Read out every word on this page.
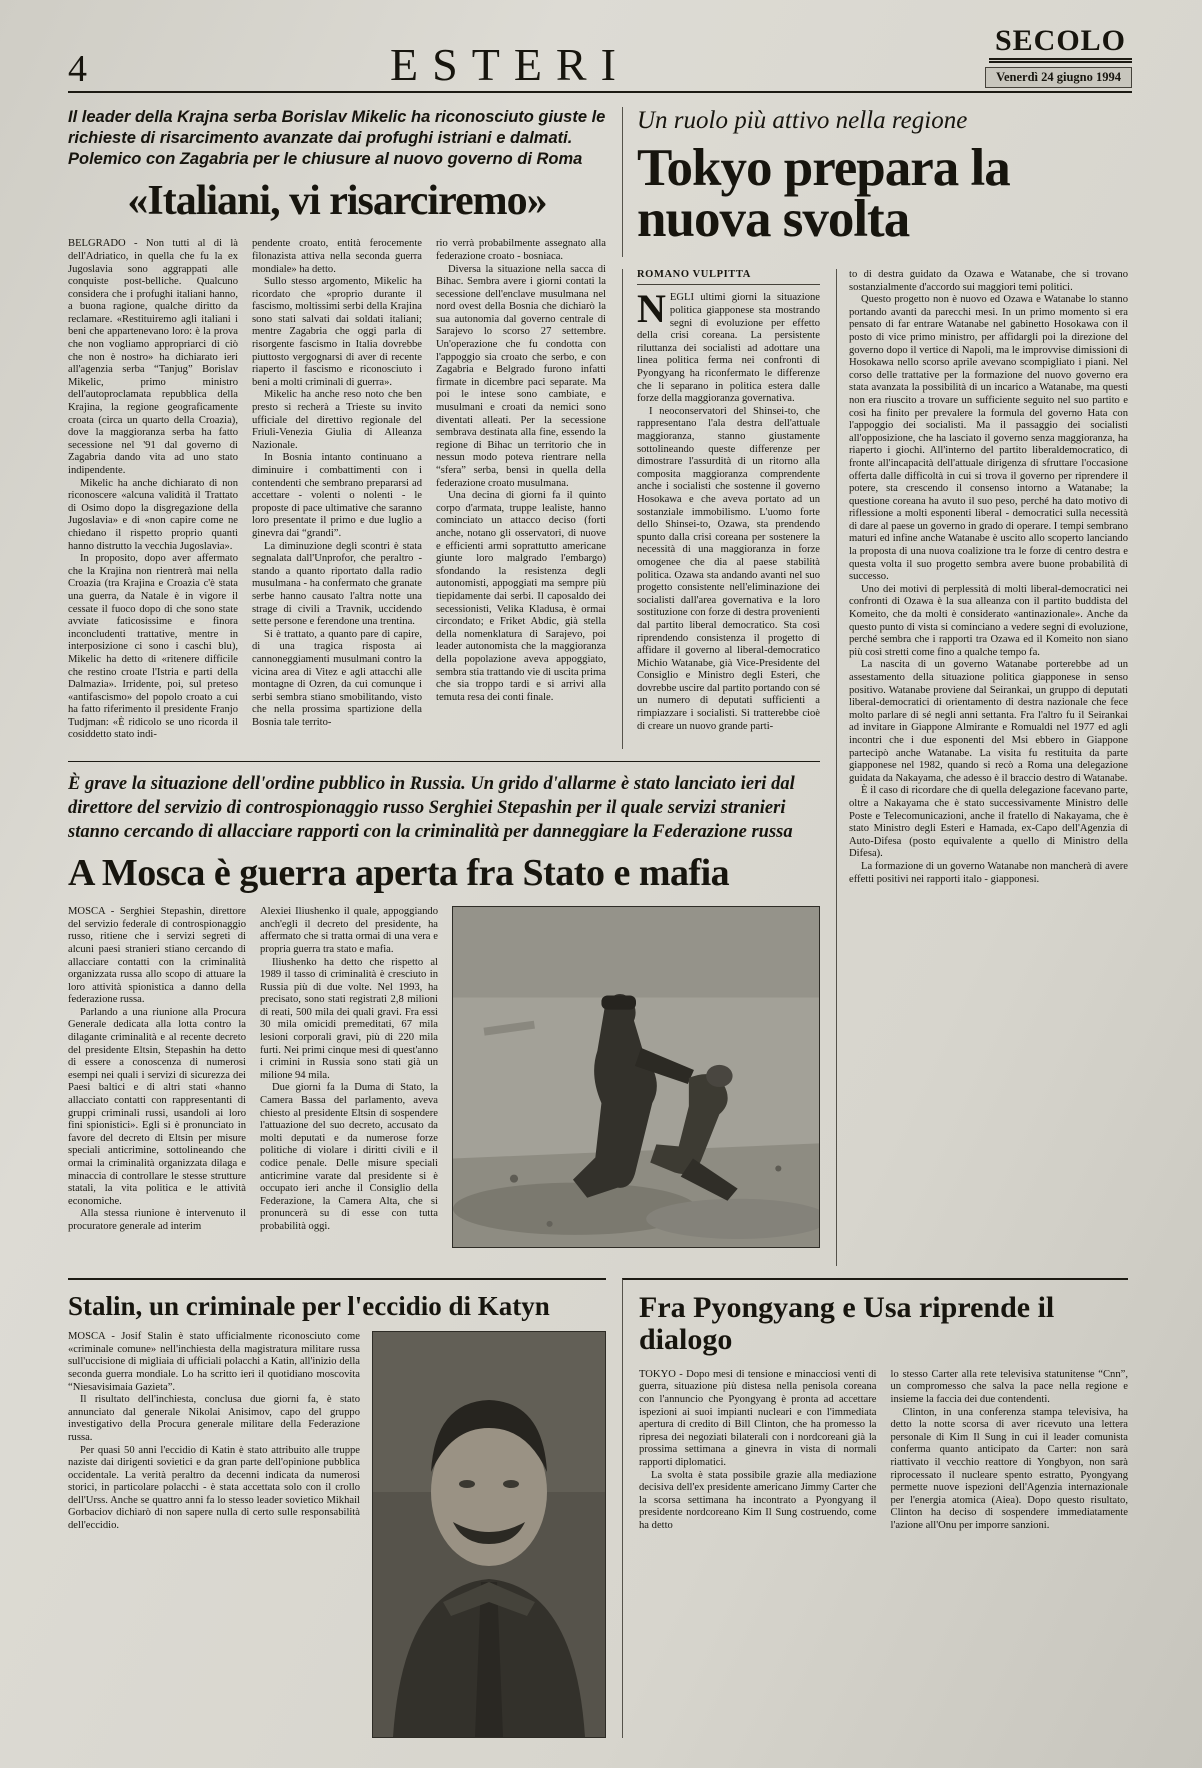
4	ESTERI	SECOLO
Venerdì 24 giugno 1994

Il leader della Krajna serba Borislav Mikelic ha riconosciuto giuste le richieste di risarcimento avanzate dai profughi istriani e dalmati. Polemico con Zagabria per le chiusure al nuovo governo di Roma

«Italiani, vi risarciremo»

BELGRADO - Non tutti al di là dell'Adriatico, in quella che fu la ex Jugoslavia sono aggrappati alle conquiste post-belliche. Qualcuno considera che i profughi italiani hanno, a buona ragione, qualche diritto da reclamare. «Restituiremo agli italiani i beni che appartenevano loro: è la prova che non vogliamo appropriarci di ciò che non è nostro» ha dichiarato ieri all'agenzia serba “Tanjug” Borislav Mikelic, primo ministro dell'autoproclamata repubblica della Krajina, la regione geograficamente croata (circa un quarto della Croazia), dove la maggioranza serba ha fatto secessione nel '91 dal governo di Zagabria dando vita ad uno stato indipendente.

Mikelic ha anche dichiarato di non riconoscere «alcuna validità il Trattato di Osimo dopo la disgregazione della Jugoslavia» e di «non capire come ne chiedano il rispetto proprio quanti hanno distrutto la vecchia Jugoslavia».

In proposito, dopo aver affermato che la Krajina non rientrerà mai nella Croazia (tra Krajina e Croazia c'è stata una guerra, da Natale è in vigore il cessate il fuoco dopo di che sono state avviate faticosissime e finora inconcludenti trattative, mentre in interposizione ci sono i caschi blu), Mikelic ha detto di «ritenere difficile che restino croate l'Istria e parti della Dalmazia». Irridente, poi, sul preteso «antifascismo» del popolo croato a cui ha fatto riferimento il presidente Franjo Tudjman: «È ridicolo se uno ricorda il cosiddetto stato indi-

pendente croato, entità ferocemente filonazista attiva nella seconda guerra mondiale» ha detto.

Sullo stesso argomento, Mikelic ha ricordato che «proprio durante il fascismo, moltissimi serbi della Krajina sono stati salvati dai soldati italiani; mentre Zagabria che oggi parla di risorgente fascismo in Italia dovrebbe piuttosto vergognarsi di aver di recente riaperto il fascismo e riconosciuto i beni a molti criminali di guerra».

Mikelic ha anche reso noto che ben presto si recherà a Trieste su invito ufficiale del direttivo regionale del Friuli-Venezia Giulia di Alleanza Nazionale.

In Bosnia intanto continuano a diminuire i combattimenti con i contendenti che sembrano prepararsi ad accettare - volenti o nolenti - le proposte di pace ultimative che saranno loro presentate il primo e due luglio a ginevra dai “grandi”.

La diminuzione degli scontri è stata segnalata dall'Unprofor, che peraltro - stando a quanto riportato dalla radio musulmana - ha confermato che granate serbe hanno causato l'altra notte una strage di civili a Travnik, uccidendo sette persone e ferendone una trentina.

Si è trattato, a quanto pare di capire, di una tragica risposta ai cannoneggiamenti musulmani contro la vicina area di Vitez e agli attacchi alle montagne di Ozren, da cui comunque i serbi sembra stiano smobilitando, visto che nella prossima spartizione della Bosnia tale territo-

rio verrà probabilmente assegnato alla federazione croato - bosniaca.

Diversa la situazione nella sacca di Bihac. Sembra avere i giorni contati la secessione dell'enclave musulmana nel nord ovest della Bosnia che dichiarò la sua autonomia dal governo centrale di Sarajevo lo scorso 27 settembre. Un'operazione che fu condotta con l'appoggio sia croato che serbo, e con Zagabria e Belgrado furono infatti firmate in dicembre paci separate. Ma poi le intese sono cambiate, e musulmani e croati da nemici sono diventati alleati. Per la secessione sembrava destinata alla fine, essendo la regione di Bihac un territorio che in nessun modo poteva rientrare nella “sfera” serba, bensì in quella della federazione croato musulmana.

Una decina di giorni fa il quinto corpo d'armata, truppe lealiste, hanno cominciato un attacco deciso (forti anche, notano gli osservatori, di nuove e efficienti armi soprattutto americane giunte loro malgrado l'embargo) sfondando la resistenza degli autonomisti, appoggiati ma sempre più tiepidamente dai serbi. Il caposaldo dei secessionisti, Velika Kladusa, è ormai circondato; e Friket Abdic, già stella della nomenklatura di Sarajevo, poi leader autonomista che la maggioranza della popolazione aveva appoggiato, sembra stia trattando vie di uscita prima che sia troppo tardi e si arrivi alla temuta resa dei conti finale.

Un ruolo più attivo nella regione

Tokyo prepara la nuova svolta
ROMANO VULPITTA

NEGLI ultimi giorni la situazione politica giapponese sta mostrando segni di evoluzione per effetto della crisi coreana. La persistente riluttanza dei socialisti ad adottare una linea politica ferma nei confronti di Pyongyang ha riconfermato le differenze che li separano in politica estera dalle forze della maggioranza governativa.

I neoconservatori del Shinsei-to, che rappresentano l'ala destra dell'attuale maggioranza, stanno giustamente sottolineando queste differenze per dimostrare l'assurdità di un ritorno alla composita maggioranza comprendente anche i socialisti che sostenne il governo Hosokawa e che aveva portato ad un sostanziale immobilismo. L'uomo forte dello Shinsei-to, Ozawa, sta prendendo spunto dalla crisi coreana per sostenere la necessità di una maggioranza in forze omogenee che dia al paese stabilità politica. Ozawa sta andando avanti nel suo progetto consistente nell'eliminazione dei socialisti dall'area governativa e la loro sostituzione con forze di destra provenienti dal partito liberal democratico. Sta così riprendendo consistenza il progetto di affidare il governo al liberal-democratico Michio Watanabe, già Vice-Presidente del Consiglio e Ministro degli Esteri, che dovrebbe uscire dal partito portando con sé un numero di deputati sufficienti a rimpiazzare i socialisti. Si tratterebbe cioè di creare un nuovo grande parti-

to di destra guidato da Ozawa e Watanabe, che si trovano sostanzialmente d'accordo sui maggiori temi politici.

Questo progetto non è nuovo ed Ozawa e Watanabe lo stanno portando avanti da parecchi mesi. In un primo momento si era pensato di far entrare Watanabe nel gabinetto Hosokawa con il posto di vice primo ministro, per affidargli poi la direzione del governo dopo il vertice di Napoli, ma le improvvise dimissioni di Hosokawa nello scorso aprile avevano scompigliato i piani. Nel corso delle trattative per la formazione del nuovo governo era stata avanzata la possibilità di un incarico a Watanabe, ma questi non era riuscito a trovare un sufficiente seguito nel suo partito e così ha finito per prevalere la formula del governo Hata con l'appoggio dei socialisti. Ma il passaggio dei socialisti all'opposizione, che ha lasciato il governo senza maggioranza, ha riaperto i giochi. All'interno del partito liberaldemocratico, di fronte all'incapacità dell'attuale dirigenza di sfruttare l'occasione offerta dalle difficoltà in cui si trova il governo per riprendere il potere, sta crescendo il consenso intorno a Watanabe; la questione coreana ha avuto il suo peso, perché ha dato motivo di riflessione a molti esponenti liberal - democratici sulla necessità di dare al paese un governo in grado di operare. I tempi sembrano maturi ed infine anche Watanabe è uscito allo scoperto lanciando la proposta di una nuova coalizione tra le forze di centro destra e questa volta il suo progetto sembra avere buone probabilità di successo.

Uno dei motivi di perplessità di molti liberal-democratici nei confronti di Ozawa è la sua alleanza con il partito buddista del Komeito, che da molti è considerato «antinazionale». Anche da questo punto di vista si cominciano a vedere segni di evoluzione, perché sembra che i rapporti tra Ozawa ed il Komeito non siano più così stretti come fino a qualche tempo fa.

La nascita di un governo Watanabe porterebbe ad un assestamento della situazione politica giapponese in senso positivo. Watanabe proviene dal Seirankai, un gruppo di deputati liberal-democratici di orientamento di destra nazionale che fece molto parlare di sé negli anni settanta. Fra l'altro fu il Seirankai ad invitare in Giappone Almirante e Romualdi nel 1977 ed agli incontri che i due esponenti del Msi ebbero in Giappone partecipò anche Watanabe. La visita fu restituita da parte giapponese nel 1982, quando si recò a Roma una delegazione guidata da Nakayama, che adesso è il braccio destro di Watanabe.

È il caso di ricordare che di quella delegazione facevano parte, oltre a Nakayama che è stato successivamente Ministro delle Poste e Telecomunicazioni, anche il fratello di Nakayama, che è stato Ministro degli Esteri e Hamada, ex-Capo dell'Agenzia di Auto-Difesa (posto equivalente a quello di Ministro della Difesa).

La formazione di un governo Watanabe non mancherà di avere effetti positivi nei rapporti italo - giapponesi.

È grave la situazione dell'ordine pubblico in Russia. Un grido d'allarme è stato lanciato ieri dal direttore del servizio di controspionaggio russo Serghiei Stepashin per il quale servizi stranieri stanno cercando di allacciare rapporti con la criminalità per danneggiare la Federazione russa

A Mosca è guerra aperta fra Stato e mafia

MOSCA - Serghiei Stepashin, direttore del servizio federale di controspionaggio russo, ritiene che i servizi segreti di alcuni paesi stranieri stiano cercando di allacciare contatti con la criminalità organizzata russa allo scopo di attuare la loro attività spionistica a danno della federazione russa.

Parlando a una riunione alla Procura Generale dedicata alla lotta contro la dilagante criminalità e al recente decreto del presidente Eltsin, Stepashin ha detto di essere a conoscenza di numerosi esempi nei quali i servizi di sicurezza dei Paesi baltici e di altri stati «hanno allacciato contatti con rappresentanti di gruppi criminali russi, usandoli ai loro fini spionistici». Egli si è pronunciato in favore del decreto di Eltsin per misure speciali anticrimine, sottolineando che ormai la criminalità organizzata dilaga e minaccia di controllare le stesse strutture statali, la vita politica e le attività economiche.

Alla stessa riunione è intervenuto il procuratore generale ad interim

Alexiei Iliushenko il quale, appoggiando anch'egli il decreto del presidente, ha affermato che si tratta ormai di una vera e propria guerra tra stato e mafia.

Iliushenko ha detto che rispetto al 1989 il tasso di criminalità è cresciuto in Russia più di due volte. Nel 1993, ha precisato, sono stati registrati 2,8 milioni di reati, 500 mila dei quali gravi. Fra essi 30 mila omicidi premeditati, 67 mila lesioni corporali gravi, più di 220 mila furti. Nei primi cinque mesi di quest'anno i crimini in Russia sono stati già un milione 94 mila.

Due giorni fa la Duma di Stato, la Camera Bassa del parlamento, aveva chiesto al presidente Eltsin di sospendere l'attuazione del suo decreto, accusato da molti deputati e da numerose forze politiche di violare i diritti civili e il codice penale. Delle misure speciali anticrimine varate dal presidente si è occupato ieri anche il Consiglio della Federazione, la Camera Alta, che si pronuncerà su di esse con tutta probabilità oggi.

Stalin, un criminale per l'eccidio di Katyn

MOSCA - Josif Stalin è stato ufficialmente riconosciuto come «criminale comune» nell'inchiesta della magistratura militare russa sull'uccisione di migliaia di ufficiali polacchi a Katin, all'inizio della seconda guerra mondiale. Lo ha scritto ieri il quotidiano moscovita “Niesavisimaia Gazieta”.

Il risultato dell'inchiesta, conclusa due giorni fa, è stato annunciato dal generale Nikolai Anisimov, capo del gruppo investigativo della Procura generale militare della Federazione russa.

Per quasi 50 anni l'eccidio di Katin è stato attribuito alle truppe naziste dai dirigenti sovietici e da gran parte dell'opinione pubblica occidentale. La verità peraltro da decenni indicata da numerosi storici, in particolare polacchi - è stata accettata solo con il crollo dell'Urss. Anche se quattro anni fa lo stesso leader sovietico Mikhail Gorbaciov dichiarò di non sapere nulla di certo sulle responsabilità dell'eccidio.

Fra Pyongyang e Usa riprende il dialogo

TOKYO - Dopo mesi di tensione e minacciosi venti di guerra, situazione più distesa nella penisola coreana con l'annuncio che Pyongyang è pronta ad accettare ispezioni ai suoi impianti nucleari e con l'immediata apertura di credito di Bill Clinton, che ha promesso la ripresa dei negoziati bilaterali con i nordcoreani già la prossima settimana a ginevra in vista di normali rapporti diplomatici.

La svolta è stata possibile grazie alla mediazione decisiva dell'ex presidente americano Jimmy Carter che la scorsa settimana ha incontrato a Pyongyang il presidente nordcoreano Kim Il Sung costruendo, come ha detto

lo stesso Carter alla rete televisiva statunitense “Cnn”, un compromesso che salva la pace nella regione e insieme la faccia dei due contendenti.

Clinton, in una conferenza stampa televisiva, ha detto la notte scorsa di aver ricevuto una lettera personale di Kim Il Sung in cui il leader comunista conferma quanto anticipato da Carter: non sarà riattivato il vecchio reattore di Yongbyon, non sarà riprocessato il nucleare spento estratto, Pyongyang permette nuove ispezioni dell'Agenzia internazionale per l'energia atomica (Aiea). Dopo questo risultato, Clinton ha deciso di sospendere immediatamente l'azione all'Onu per imporre sanzioni.
